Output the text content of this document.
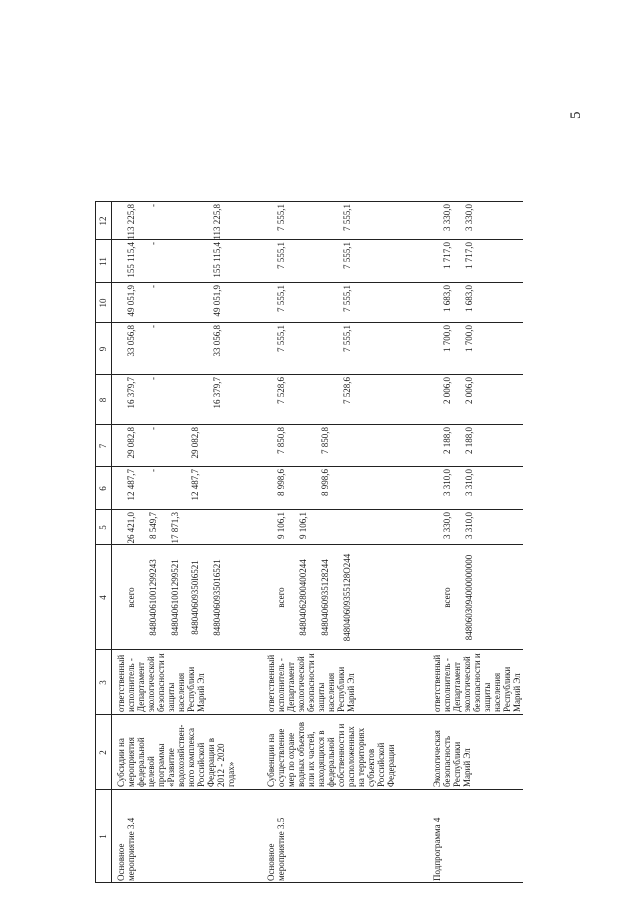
5
1
2
3
4
5
6
7
8
9
10
11
12
Основное мероприятие 3.4
Субсидии на мероприятия федеральной целевой программы «Развитие водохозяйствен-ного комплекса Российской Федерации в 2012 - 2020 годах»
ответственный исполнитель - Департамент экологической безопасности и защиты населения Республики Марий Эл
Основное мероприятие 3.5
Субвенции на осуществление мер по охране водных объектов или их частей, находящихся в федеральной собственности и расположенных на территориях субъектов Российской Федерации
ответственный исполнитель - Департамент экологической безопасности и защиты населения Республики Марий Эл
Подпрограмма 4
Экологическая безопасность Республики Марий Эл
ответственный исполнитель - Департамент экологической безопасности и защиты населения Республики Марий Эл
всего
26 421,0
12 487,7
29 082,8
16 379,7
33 056,8
49 051,9
155 115,4
113 225,8
84804061001299243
8 549,7
-
-
-
-
-
-
-
84804061001299521
17 871,3
848040609350l6521
12 487,7
29 082,8
84804060935016521
16 379,7
33 056,8
49 051,9
155 115,4
113 225,8
всего
9 106,1
8 998,6
7 850,8
7 528,6
7 555,1
7 555,1
7 555,1
7 555,1
84804062800400244
9 106,1
84804060935128244
8 998,6
7 850,8
848040609355128О244
7 528,6
7 555,1
7 555,1
7 555,1
7 555,1
всего
3 330,0
3 310,0
2 188,0
2 006,0
1 700,0
1 683,0
1 717,0
3 330,0
848060З094000000000
3 310,0
3 310,0
2 188,0
2 006,0
1 700,0
1 683,0
1 717,0
3 330,0
